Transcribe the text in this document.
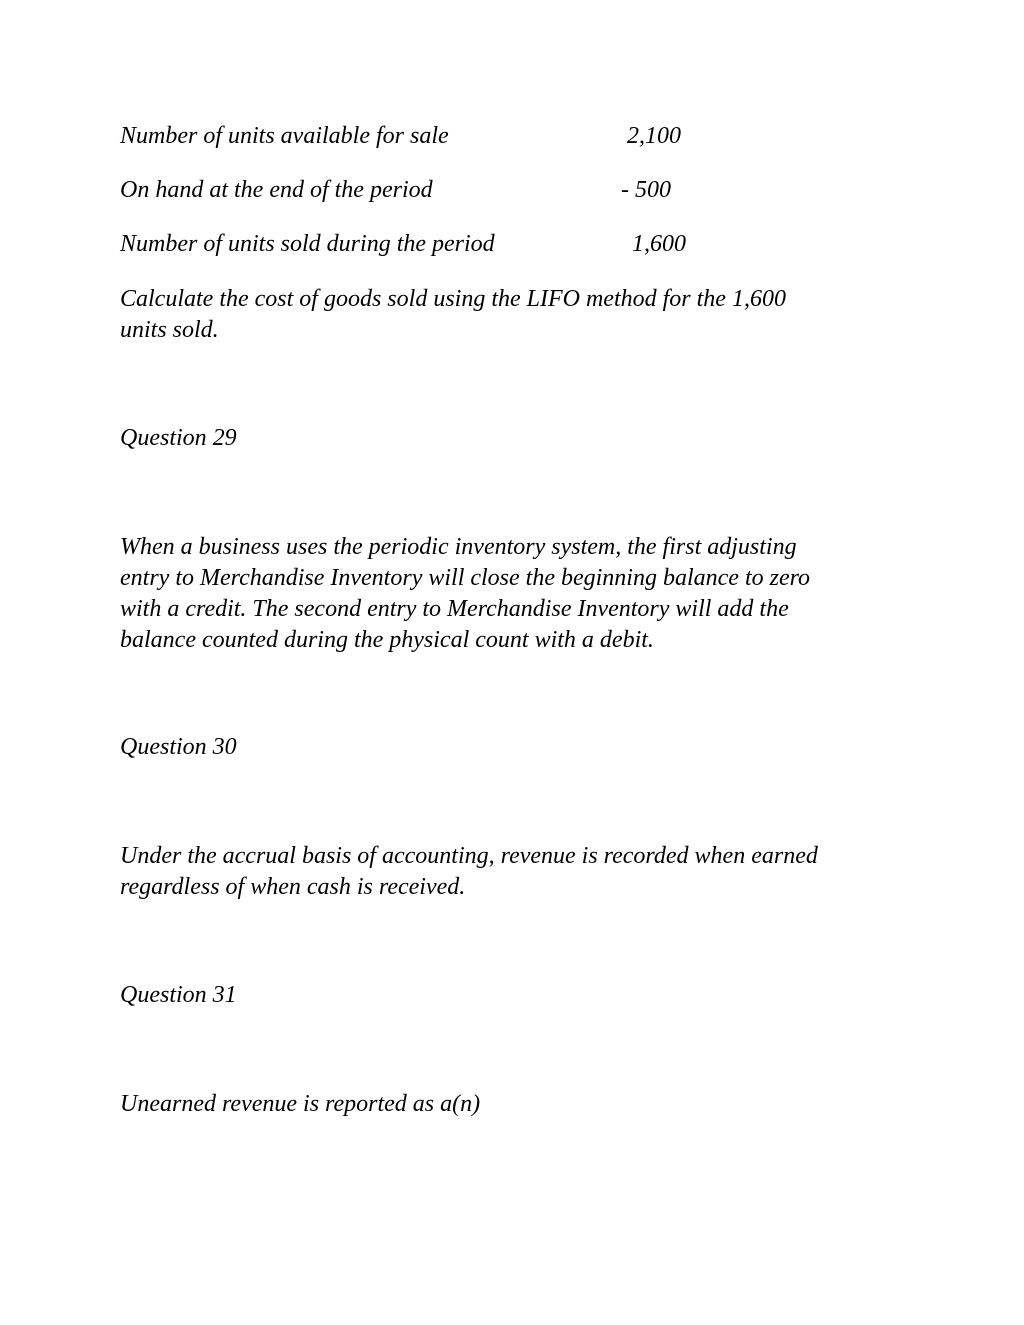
Number of units available for sale	2,100
On hand at the end of the period	- 500
Number of units sold during the period	1,600
Calculate the cost of goods sold using the LIFO method for the 1,600
units sold.
Question 29
When a business uses the periodic inventory system, the first adjusting
entry to Merchandise Inventory will close the beginning balance to zero
with a credit. The second entry to Merchandise Inventory will add the
balance counted during the physical count with a debit.
Question 30
Under the accrual basis of accounting, revenue is recorded when earned
regardless of when cash is received.
Question 31
Unearned revenue is reported as a(n)
